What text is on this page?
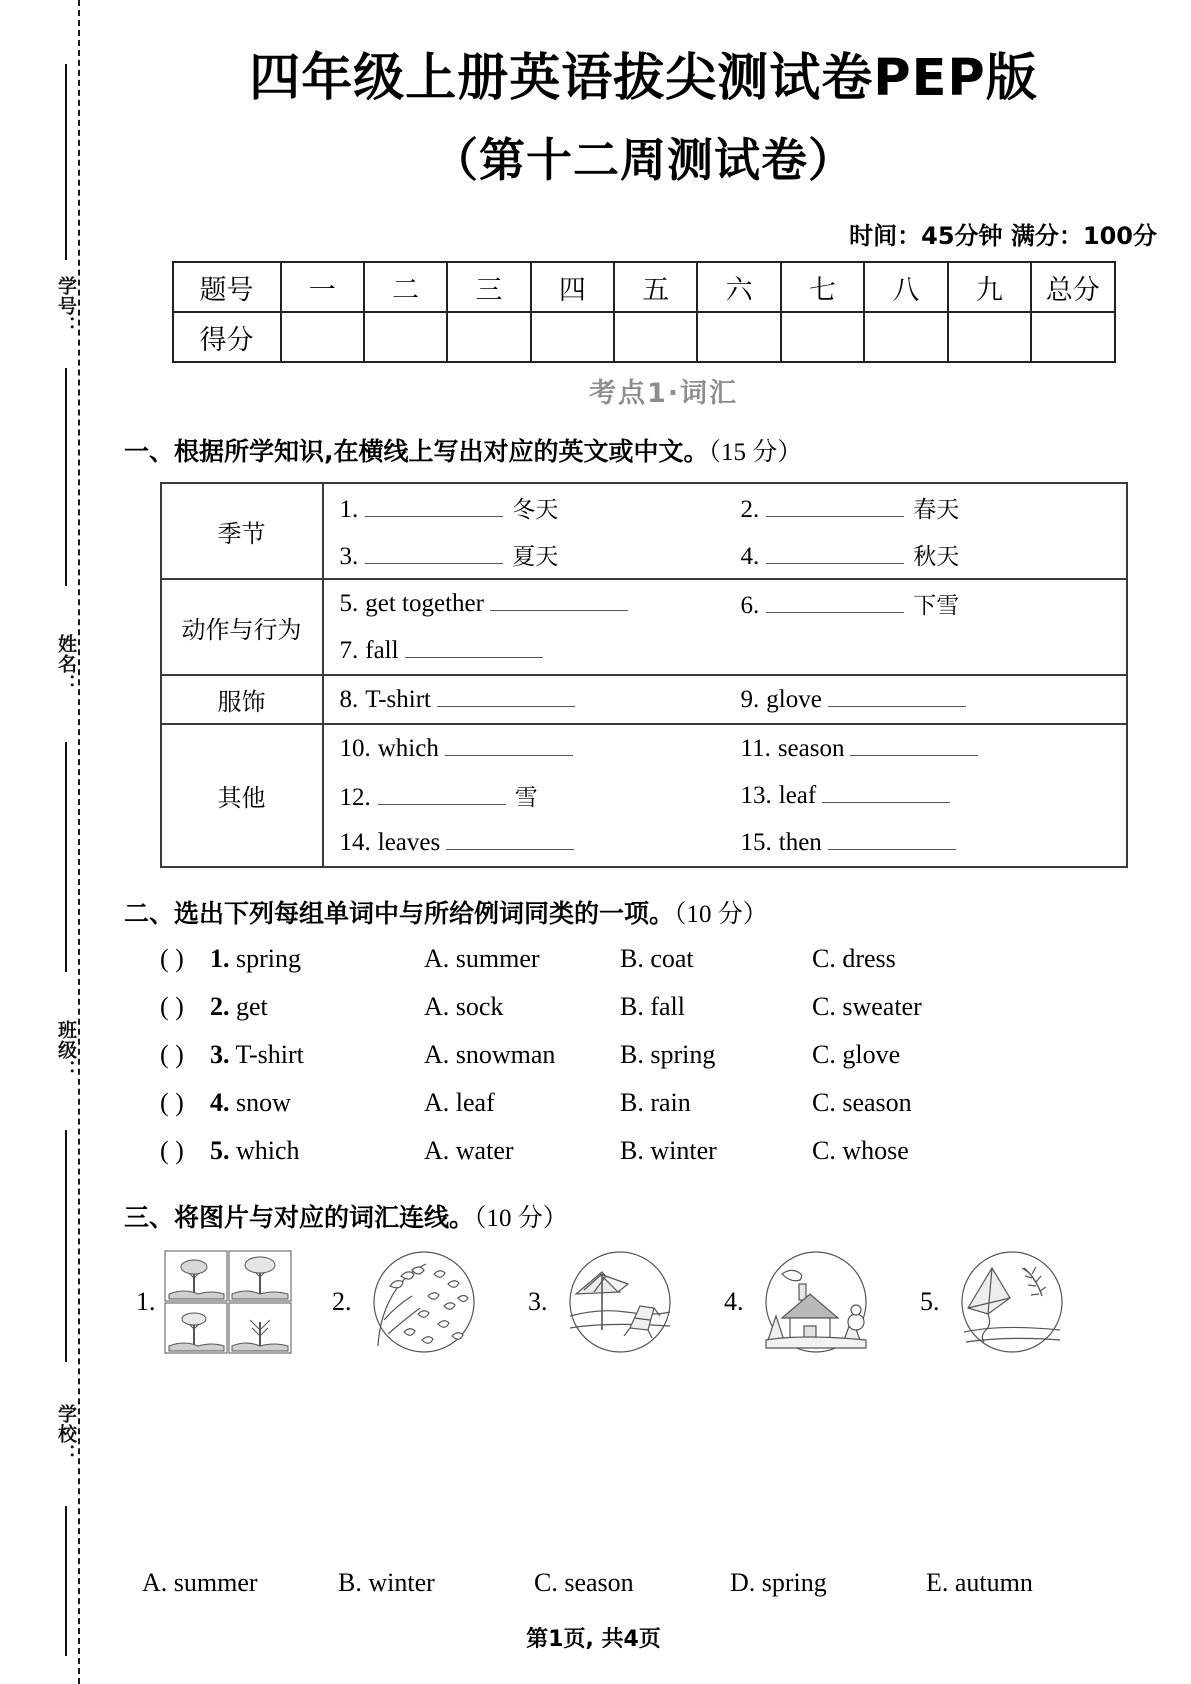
学号：
姓名：
班级：
学校：
四年级上册英语拔尖测试卷PEP版
（第十二周测试卷）
时间：45分钟 满分：100分
题号	一	二	三	四	五	六	七	八	九	总分
得分										
考点1·词汇
一、根据所学知识,在横线上写出对应的英文或中文。（15 分）
季节	
1.	冬天	2.	春天
3.	夏天	4.	秋天

动作与行为	
5. get together	6.	下雪
7. fall

服饰	8. T-shirt 9. glove

其他	
10. which	11. season
12.	雪	13. leaf
14. leaves	15. then
二、选出下列每组单词中与所给例词同类的一项。（10 分）
( )	1. spring	A. summer	B. coat	C. dress
( )	2. get	A. sock	B. fall	C. sweater
( )	3. T-shirt	A. snowman	B. spring	C. glove
( )	4. snow	A. leaf	B. rain	C. season
( )	5. which	A. water	B. winter	C. whose
三、将图片与对应的词汇连线。（10 分）
1.	2.	3.	4.	5.
A. summer	B. winter	C. season	D. spring	E. autumn
第1页, 共4页
